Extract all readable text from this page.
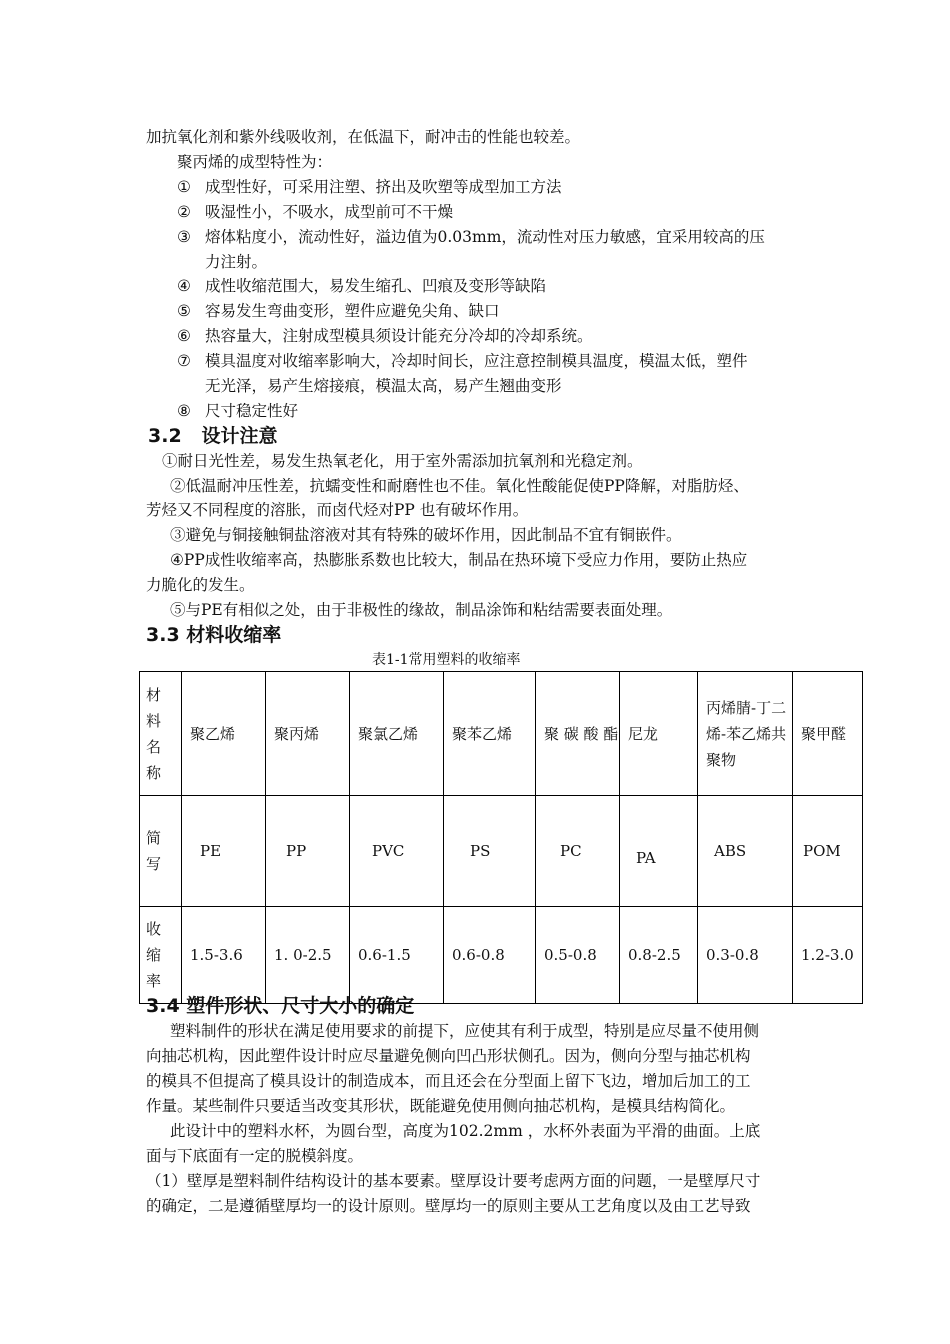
加抗氧化剂和紫外线吸收剂，在低温下，耐冲击的性能也较差。
聚丙烯的成型特性为：
① 成型性好，可采用注塑、挤出及吹塑等成型加工方法
② 吸湿性小，不吸水，成型前可不干燥
③ 熔体粘度小，流动性好，溢边值为0.03mm，流动性对压力敏感，宜采用较高的压
力注射。
④ 成性收缩范围大，易发生缩孔、凹痕及变形等缺陷
⑤ 容易发生弯曲变形，塑件应避免尖角、缺口
⑥ 热容量大，注射成型模具须设计能充分冷却的冷却系统。
⑦ 模具温度对收缩率影响大，冷却时间长，应注意控制模具温度，模温太低，塑件
无光泽，易产生熔接痕，模温太高，易产生翘曲变形
⑧ 尺寸稳定性好
3.2 设计注意
①耐日光性差，易发生热氧老化，用于室外需添加抗氧剂和光稳定剂。
②低温耐冲压性差，抗蠕变性和耐磨性也不佳。氧化性酸能促使PP降解，对脂肪烃、
芳烃又不同程度的溶胀，而卤代烃对PP 也有破坏作用。
③避免与铜接触铜盐溶液对其有特殊的破坏作用，因此制品不宜有铜嵌件。
④PP成性收缩率高，热膨胀系数也比较大，制品在热环境下受应力作用，要防止热应
力脆化的发生。
⑤与PE有相似之处，由于非极性的缘故，制品涂饰和粘结需要表面处理。
3.3 材料收缩率
表1-1常用塑料的收缩率
材
料
名
称	聚乙烯	聚丙烯	聚氯乙烯	聚苯乙烯	聚 碳 酸 酯	尼龙	丙烯腈-丁二烯-苯乙烯共聚物	聚甲醛
简
写	PE	PP	PVC	PS	PC	PA	ABS	POM
收
缩
率	1.5-3.6	1. 0-2.5	0.6-1.5	0.6-0.8	0.5-0.8	0.8-2.5	0.3-0.8	1.2-3.0
3.4 塑件形状、尺寸大小的确定
塑料制件的形状在满足使用要求的前提下，应使其有利于成型，特别是应尽量不使用侧
向抽芯机构，因此塑件设计时应尽量避免侧向凹凸形状侧孔。因为，侧向分型与抽芯机构
的模具不但提高了模具设计的制造成本，而且还会在分型面上留下飞边，增加后加工的工
作量。某些制件只要适当改变其形状，既能避免使用侧向抽芯机构，是模具结构简化。
此设计中的塑料水杯，为圆台型，高度为102.2mm ，水杯外表面为平滑的曲面。上底
面与下底面有一定的脱模斜度。
（1）壁厚是塑料制件结构设计的基本要素。壁厚设计要考虑两方面的问题，一是壁厚尺寸
的确定，二是遵循壁厚均一的设计原则。壁厚均一的原则主要从工艺角度以及由工艺导致
